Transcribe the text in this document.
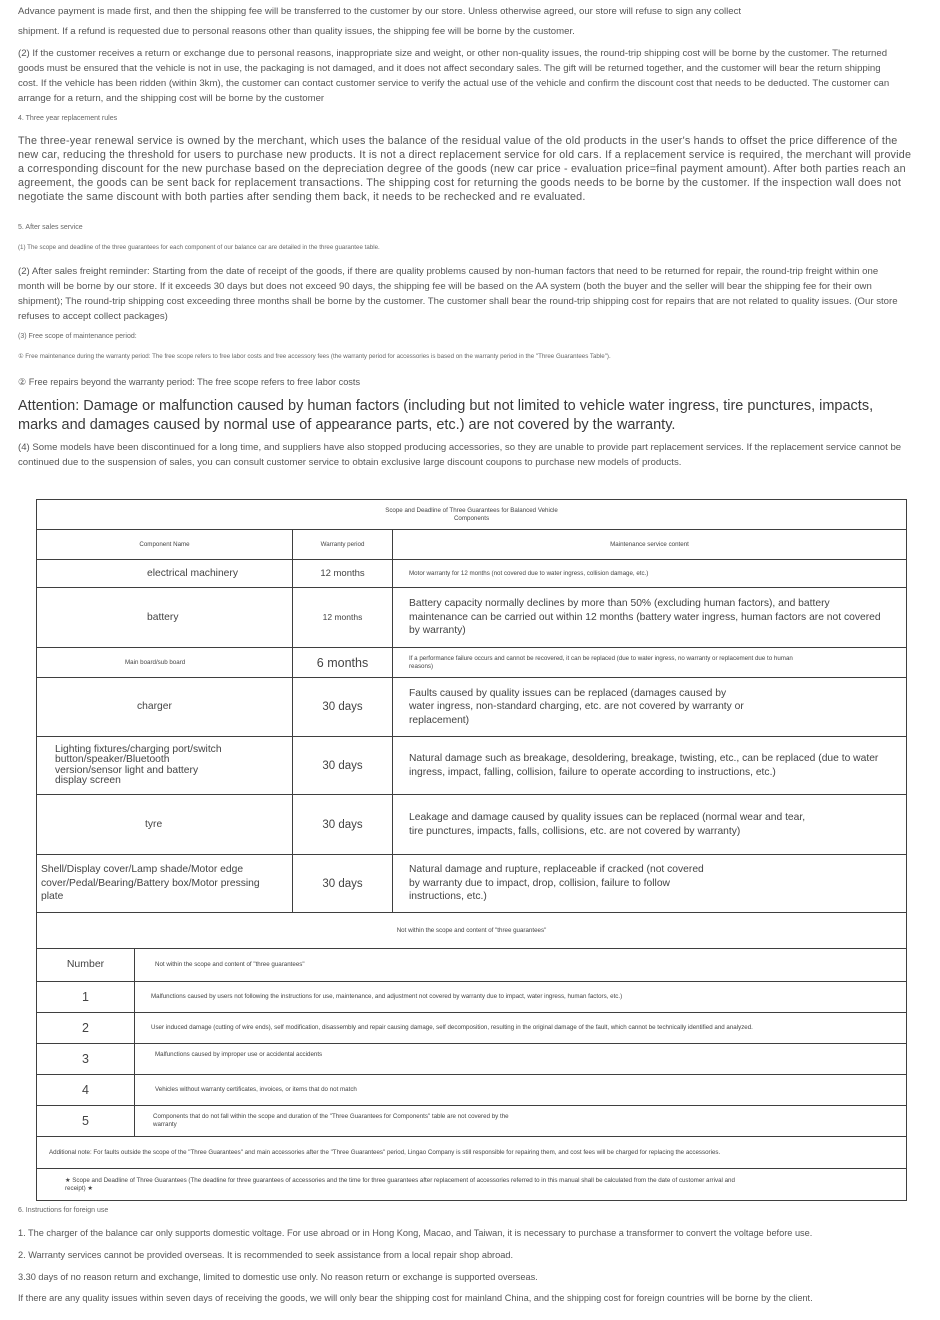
Advance payment is made first, and then the shipping fee will be transferred to the customer by our store. Unless otherwise agreed, our store will refuse to sign any collect
shipment. If a refund is requested due to personal reasons other than quality issues, the shipping fee will be borne by the customer.
(2) If the customer receives a return or exchange due to personal reasons, inappropriate size and weight, or other non-quality issues, the round-trip shipping cost will be borne by the customer. The returned goods must be ensured that the vehicle is not in use, the packaging is not damaged, and it does not affect secondary sales. The gift will be returned together, and the customer will bear the return shipping cost. If the vehicle has been ridden (within 3km), the customer can contact customer service to verify the actual use of the vehicle and confirm the discount cost that needs to be deducted. The customer can arrange for a return, and the shipping cost will be borne by the customer
4. Three year replacement rules
The three-year renewal service is owned by the merchant, which uses the balance of the residual value of the old products in the user's hands to offset the price difference of the new car, reducing the threshold for users to purchase new products. It is not a direct replacement service for old cars. If a replacement service is required, the merchant will provide a corresponding discount for the new purchase based on the depreciation degree of the goods (new car price - evaluation price=final payment amount). After both parties reach an agreement, the goods can be sent back for replacement transactions. The shipping cost for returning the goods needs to be borne by the customer. If the inspection wall does not negotiate the same discount with both parties after sending them back, it needs to be rechecked and re evaluated.
5. After sales service
(1) The scope and deadline of the three guarantees for each component of our balance car are detailed in the three guarantee table.
(2) After sales freight reminder: Starting from the date of receipt of the goods, if there are quality problems caused by non-human factors that need to be returned for repair, the round-trip freight within one month will be borne by our store. If it exceeds 30 days but does not exceed 90 days, the shipping fee will be based on the AA system (both the buyer and the seller will bear the shipping fee for their own shipment); The round-trip shipping cost exceeding three months shall be borne by the customer. The customer shall bear the round-trip shipping cost for repairs that are not related to quality issues. (Our store refuses to accept collect packages)
(3) Free scope of maintenance period:
① Free maintenance during the warranty period: The free scope refers to free labor costs and free accessory fees (the warranty period for accessories is based on the warranty period in the "Three Guarantees Table").
② Free repairs beyond the warranty period: The free scope refers to free labor costs
Attention: Damage or malfunction caused by human factors (including but not limited to vehicle water ingress, tire punctures, impacts, marks and damages caused by normal use of appearance parts, etc.) are not covered by the warranty.
(4) Some models have been discontinued for a long time, and suppliers have also stopped producing accessories, so they are unable to provide part replacement services. If the replacement service cannot be continued due to the suspension of sales, you can consult customer service to obtain exclusive large discount coupons to purchase new models of products.
Scope and Deadline of Three Guarantees for Balanced Vehicle Components		
Component Name	Warranty period	Maintenance service content
electrical machinery	12 months	Motor warranty for 12 months (not covered due to water ingress, collision damage, etc.)
battery	12 months	Battery capacity normally declines by more than 50% (excluding human factors), and battery maintenance can be carried out within 12 months (battery water ingress, human factors are not covered by warranty)
Main board/sub board	6 months	If a performance failure occurs and cannot be recovered, it can be replaced (due to water ingress, no warranty or replacement due to human reasons)
charger	30 days	Faults caused by quality issues can be replaced (damages caused by water ingress, non-standard charging, etc. are not covered by warranty or replacement)
Lighting fixtures/charging port/switch button/speaker/Bluetooth version/sensor light and battery display screen	30 days	Natural damage such as breakage, desoldering, breakage, twisting, etc., can be replaced (due to water ingress, impact, falling, collision, failure to operate according to instructions, etc.)
tyre	30 days	Leakage and damage caused by quality issues can be replaced (normal wear and tear, tire punctures, impacts, falls, collisions, etc. are not covered by warranty)
Shell/Display cover/Lamp shade/Motor edge cover/Pedal/Bearing/Battery box/Motor pressing plate	30 days	Natural damage and rupture, replaceable if cracked (not covered by warranty due to impact, drop, collision, failure to follow instructions, etc.)
Not within the scope and content of "three guarantees"		
Number	Not within the scope and content of "three guarantees"
1	Malfunctions caused by users not following the instructions for use, maintenance, and adjustment not covered by warranty due to impact, water ingress, human factors, etc.)
2	User induced damage (cutting of wire ends), self modification, disassembly and repair causing damage, self decomposition, resulting in the original damage of the fault, which cannot be technically identified and analyzed.
3	Malfunctions caused by improper use or accidental accidents
4	Vehicles without warranty certificates, invoices, or items that do not match
5	Components that do not fall within the scope and duration of the "Three Guarantees for Components" table are not covered by the warranty
Additional note: For faults outside the scope of the "Three Guarantees" and main accessories after the "Three Guarantees" period, Lingao Company is still responsible for repairing them, and cost fees will be charged for replacing the accessories.	
★ Scope and Deadline of Three Guarantees (The deadline for three guarantees of accessories and the time for three guarantees after replacement of accessories referred to in this manual shall be calculated from the date of customer arrival and receipt) ★	
6. Instructions for foreign use
1. The charger of the balance car only supports domestic voltage. For use abroad or in Hong Kong, Macao, and Taiwan, it is necessary to purchase a transformer to convert the voltage before use.
2. Warranty services cannot be provided overseas. It is recommended to seek assistance from a local repair shop abroad.
3.30 days of no reason return and exchange, limited to domestic use only. No reason return or exchange is supported overseas.
If there are any quality issues within seven days of receiving the goods, we will only bear the shipping cost for mainland China, and the shipping cost for foreign countries will be borne by the client.
